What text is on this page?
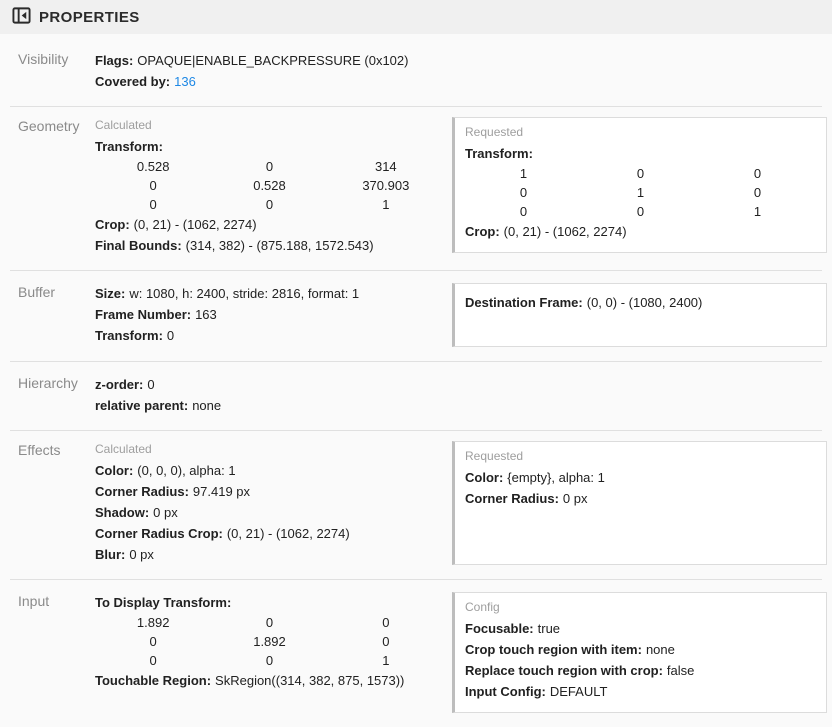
PROPERTIES
Visibility	Flags: OPAQUE|ENABLE_BACKPRESSURE (0x102)
Covered by: 136
Geometry	Calculated
Transform:
0.528	0	314
0	0.528	370.903
0	0	1
Crop: (0, 21) - (1062, 2274)
Final Bounds: (314, 382) - (875.188, 1572.543)
Requested
Transform:
1	0	0
0	1	0
0	0	1
Crop: (0, 21) - (1062, 2274)
Buffer	Size: w: 1080, h: 2400, stride: 2816, format: 1
Frame Number: 163
Transform: 0
Destination Frame: (0, 0) - (1080, 2400)
Hierarchy	z-order: 0
relative parent: none
Effects	Calculated
Color: (0, 0, 0), alpha: 1
Corner Radius: 97.419 px
Shadow: 0 px
Corner Radius Crop: (0, 21) - (1062, 2274)
Blur: 0 px
Requested
Color: {empty}, alpha: 1
Corner Radius: 0 px
Input	To Display Transform:
1.892	0	0
0	1.892	0
0	0	1
Touchable Region: SkRegion((314, 382, 875, 1573))
Config
Focusable: true
Crop touch region with item: none
Replace touch region with crop: false
Input Config: DEFAULT
